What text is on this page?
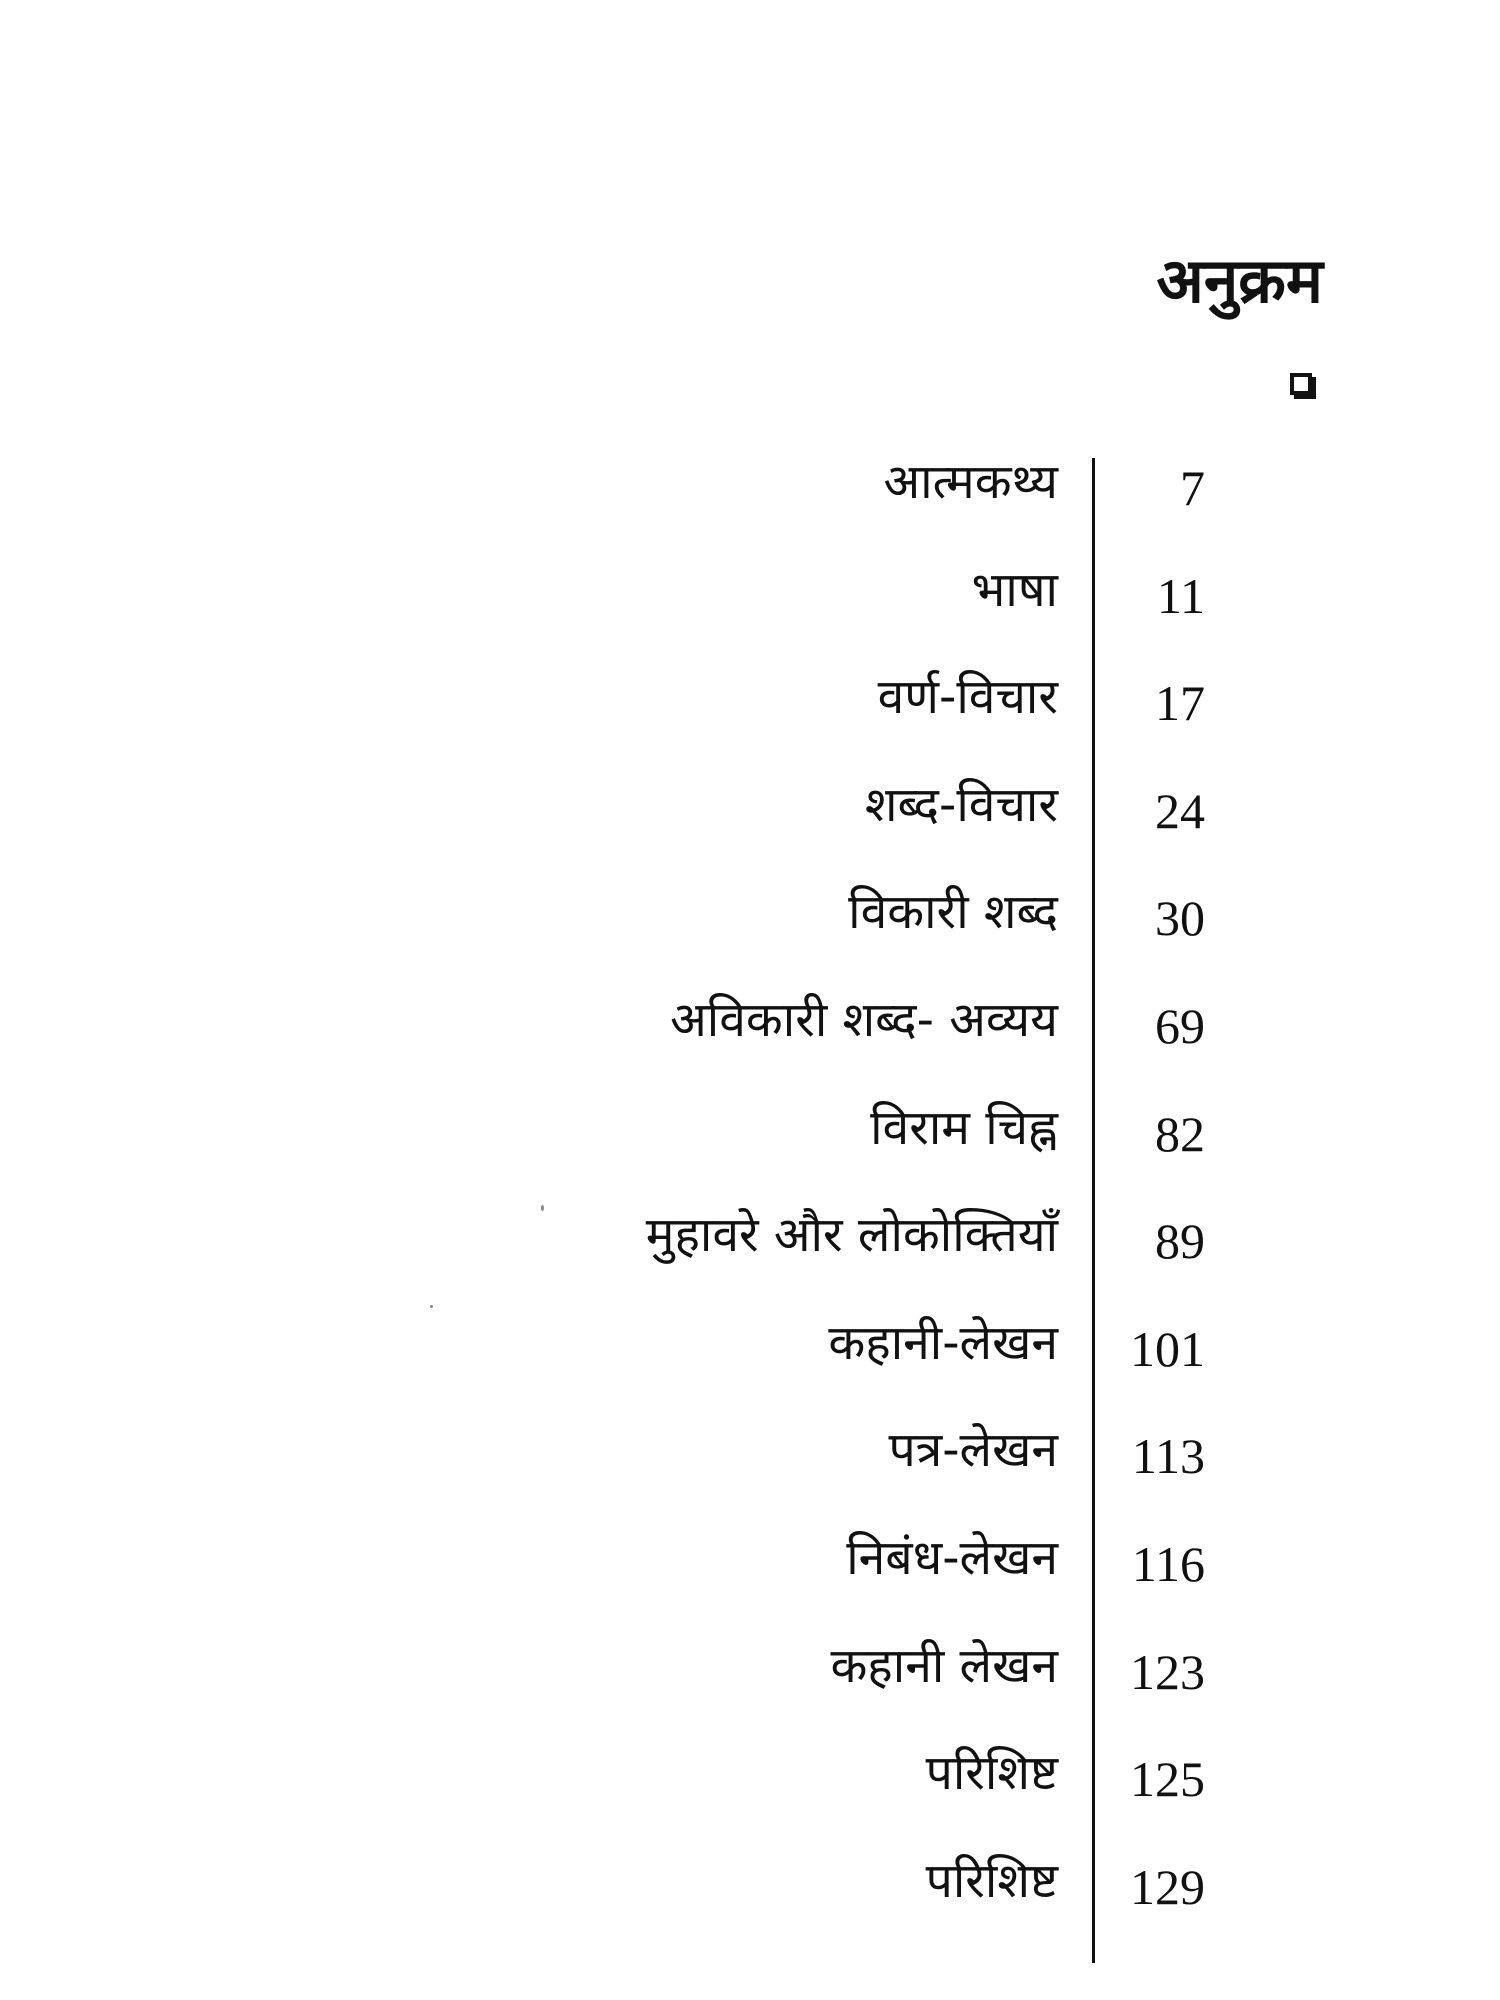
अनुक्रम
आत्मकथ्य	7
भाषा	11
वर्ण-विचार	17
शब्द-विचार	24
विकारी शब्द	30
अविकारी शब्द- अव्यय	69
विराम चिह्न	82
मुहावरे और लोकोक्तियाँ	89
कहानी-लेखन	101
पत्र-लेखन	113
निबंध-लेखन	116
कहानी लेखन	123
परिशिष्ट	125
परिशिष्ट	129
